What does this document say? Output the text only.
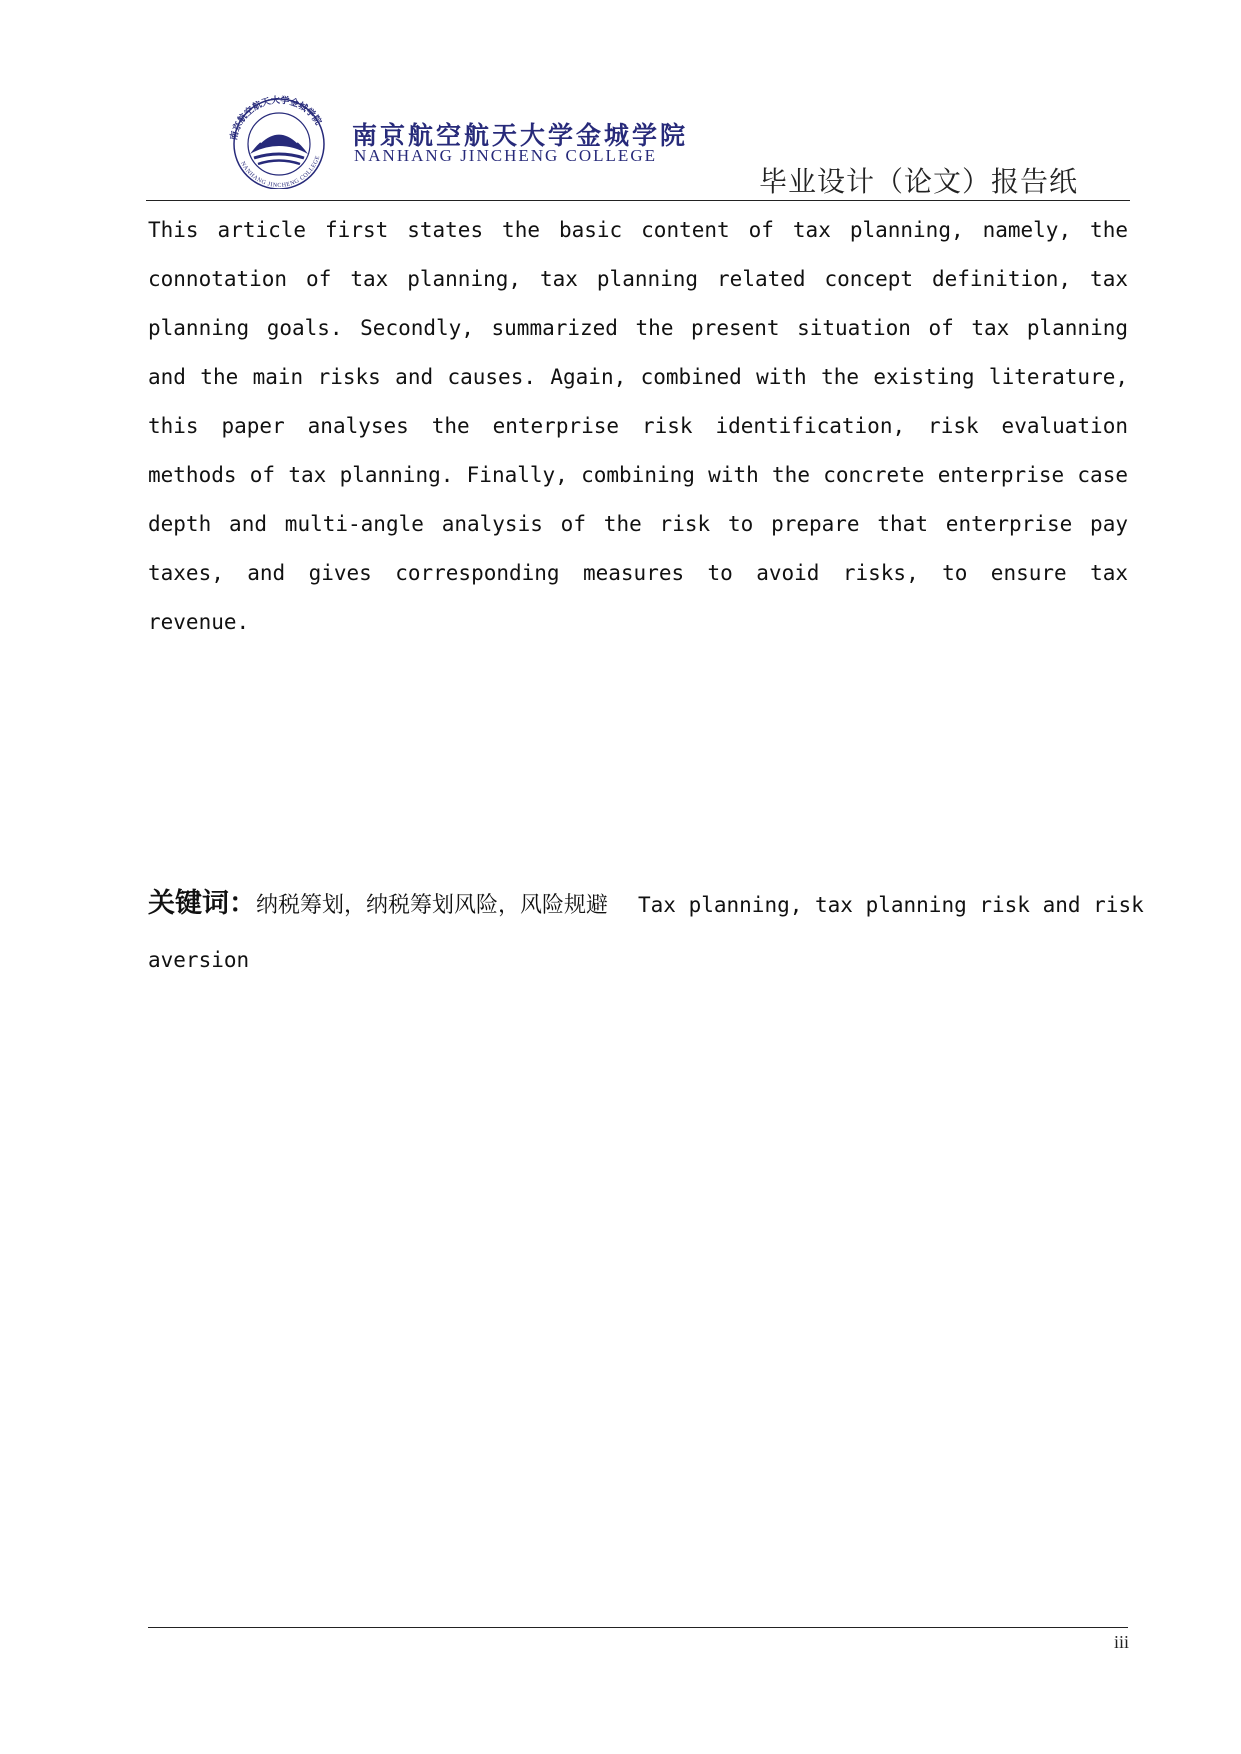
南京航空航天大学金城学院
NANHANG JINCHENG COLLEGE
南京航空航天大学金城学院
NANHANG JINCHENG COLLEGE
毕业设计（论文）报告纸

This article first states the basic content of tax planning, namely, the connotation of tax planning, tax planning related concept definition, tax planning goals. Secondly, summarized the present situation of tax planning and the main risks and causes. Again, combined with the existing literature, this paper analyses the enterprise risk identification, risk evaluation methods of tax planning. Finally, combining with the concrete enterprise case depth and multi-angle analysis of the risk to prepare that enterprise pay taxes, and gives corresponding measures to avoid risks, to ensure tax revenue.

关键词：纳税筹划，纳税筹划风险，风险规避 Tax planning, tax planning risk and risk aversion
iii
